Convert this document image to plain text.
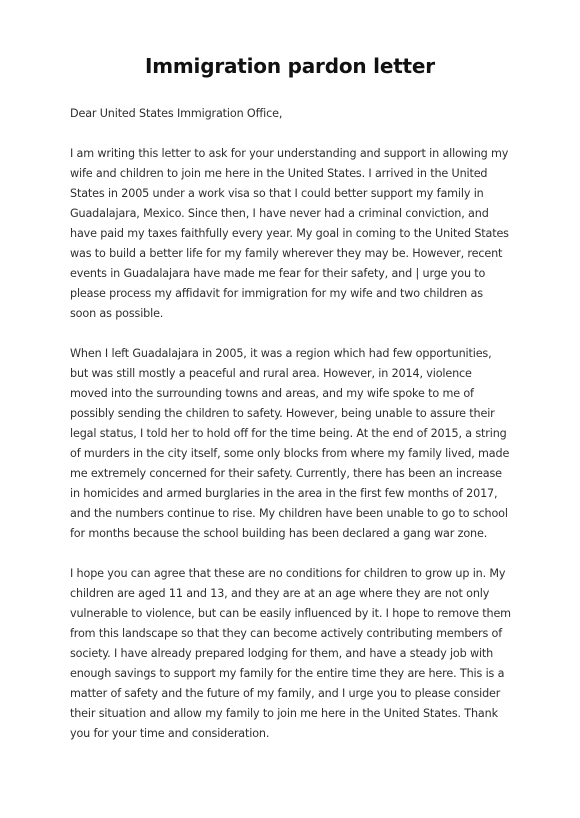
Immigration pardon letter

Dear United States Immigration Office,

I am writing this letter to ask for your understanding and support in allowing my wife and children to join me here in the United States. I arrived in the United States in 2005 under a work visa so that I could better support my family in Guadalajara, Mexico. Since then, I have never had a criminal conviction, and have paid my taxes faithfully every year. My goal in coming to the United States was to build a better life for my family wherever they may be. However, recent events in Guadalajara have made me fear for their safety, and | urge you to please process my affidavit for immigration for my wife and two children as soon as possible.

When I left Guadalajara in 2005, it was a region which had few opportunities, but was still mostly a peaceful and rural area. However, in 2014, violence moved into the surrounding towns and areas, and my wife spoke to me of possibly sending the children to safety. However, being unable to assure their legal status, I told her to hold off for the time being. At the end of 2015, a string of murders in the city itself, some only blocks from where my family lived, made me extremely concerned for their safety. Currently, there has been an increase in homicides and armed burglaries in the area in the first few months of 2017, and the numbers continue to rise. My children have been unable to go to school for months because the school building has been declared a gang war zone.

I hope you can agree that these are no conditions for children to grow up in. My children are aged 11 and 13, and they are at an age where they are not only vulnerable to violence, but can be easily influenced by it. I hope to remove them from this landscape so that they can become actively contributing members of society. I have already prepared lodging for them, and have a steady job with enough savings to support my family for the entire time they are here. This is a matter of safety and the future of my family, and I urge you to please consider their situation and allow my family to join me here in the United States. Thank you for your time and consideration.
